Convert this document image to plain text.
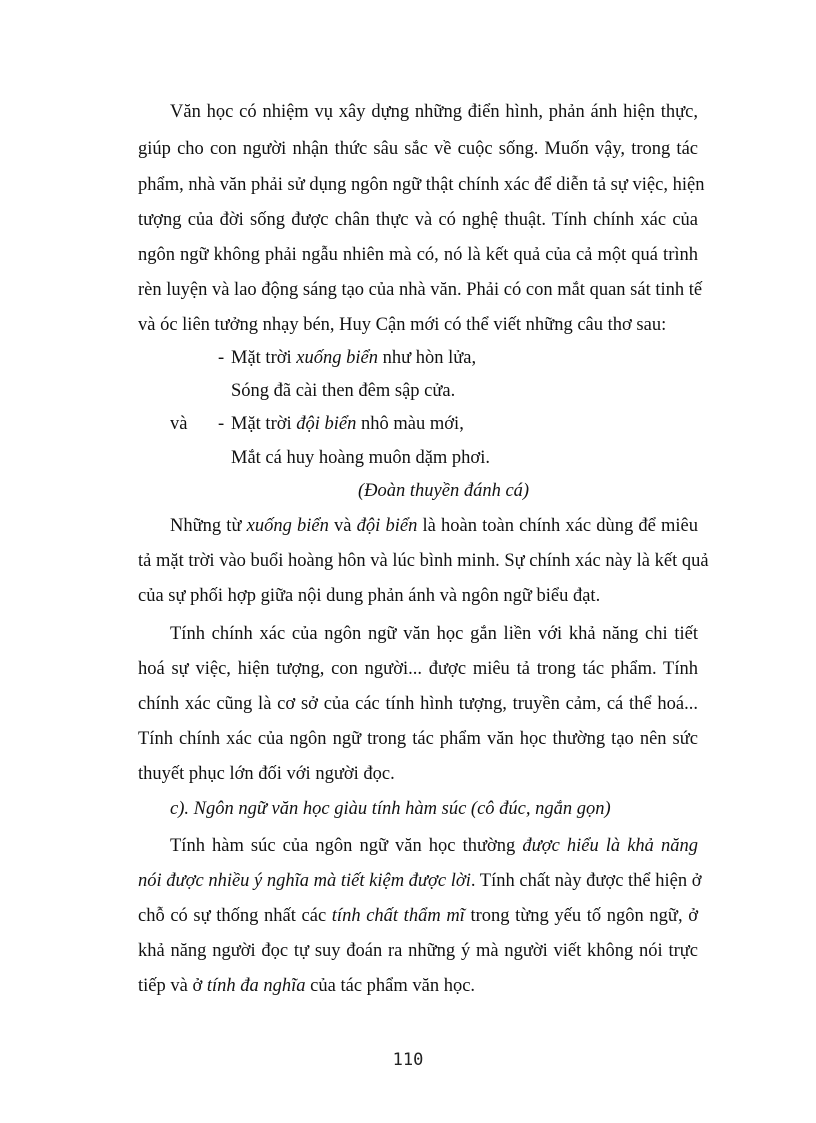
Văn học có nhiệm vụ xây dựng những điển hình, phản ánh hiện thực,
giúp cho con người nhận thức sâu sắc về cuộc sống. Muốn vậy, trong tác
phẩm, nhà văn phải sử dụng ngôn ngữ thật chính xác để diễn tả sự việc, hiện
tượng của đời sống được chân thực và có nghệ thuật. Tính chính xác của
ngôn ngữ không phải ngẫu nhiên mà có, nó là kết quả của cả một quá trình
rèn luyện và lao động sáng tạo của nhà văn. Phải có con mắt quan sát tinh tế
và óc liên tưởng nhạy bén, Huy Cận mới có thể viết những câu thơ sau:
- Mặt trời xuống biển như hòn lửa,
Sóng đã cài then đêm sập cửa.
và - Mặt trời đội biển nhô màu mới,
Mắt cá huy hoàng muôn dặm phơi.
(Đoàn thuyền đánh cá)
Những từ xuống biển và đội biển là hoàn toàn chính xác dùng để miêu
tả mặt trời vào buổi hoàng hôn và lúc bình minh. Sự chính xác này là kết quả
của sự phối hợp giữa nội dung phản ánh và ngôn ngữ biểu đạt.
Tính chính xác của ngôn ngữ văn học gắn liền với khả năng chi tiết
hoá sự việc, hiện tượng, con người... được miêu tả trong tác phẩm. Tính
chính xác cũng là cơ sở của các tính hình tượng, truyền cảm, cá thể hoá...
Tính chính xác của ngôn ngữ trong tác phẩm văn học thường tạo nên sức
thuyết phục lớn đối với người đọc.
c). Ngôn ngữ văn học giàu tính hàm súc (cô đúc, ngắn gọn)
Tính hàm súc của ngôn ngữ văn học thường được hiểu là khả năng
nói được nhiều ý nghĩa mà tiết kiệm được lời. Tính chất này được thể hiện ở
chỗ có sự thống nhất các tính chất thẩm mĩ trong từng yếu tố ngôn ngữ, ở
khả năng người đọc tự suy đoán ra những ý mà người viết không nói trực
tiếp và ở tính đa nghĩa của tác phẩm văn học.
110
